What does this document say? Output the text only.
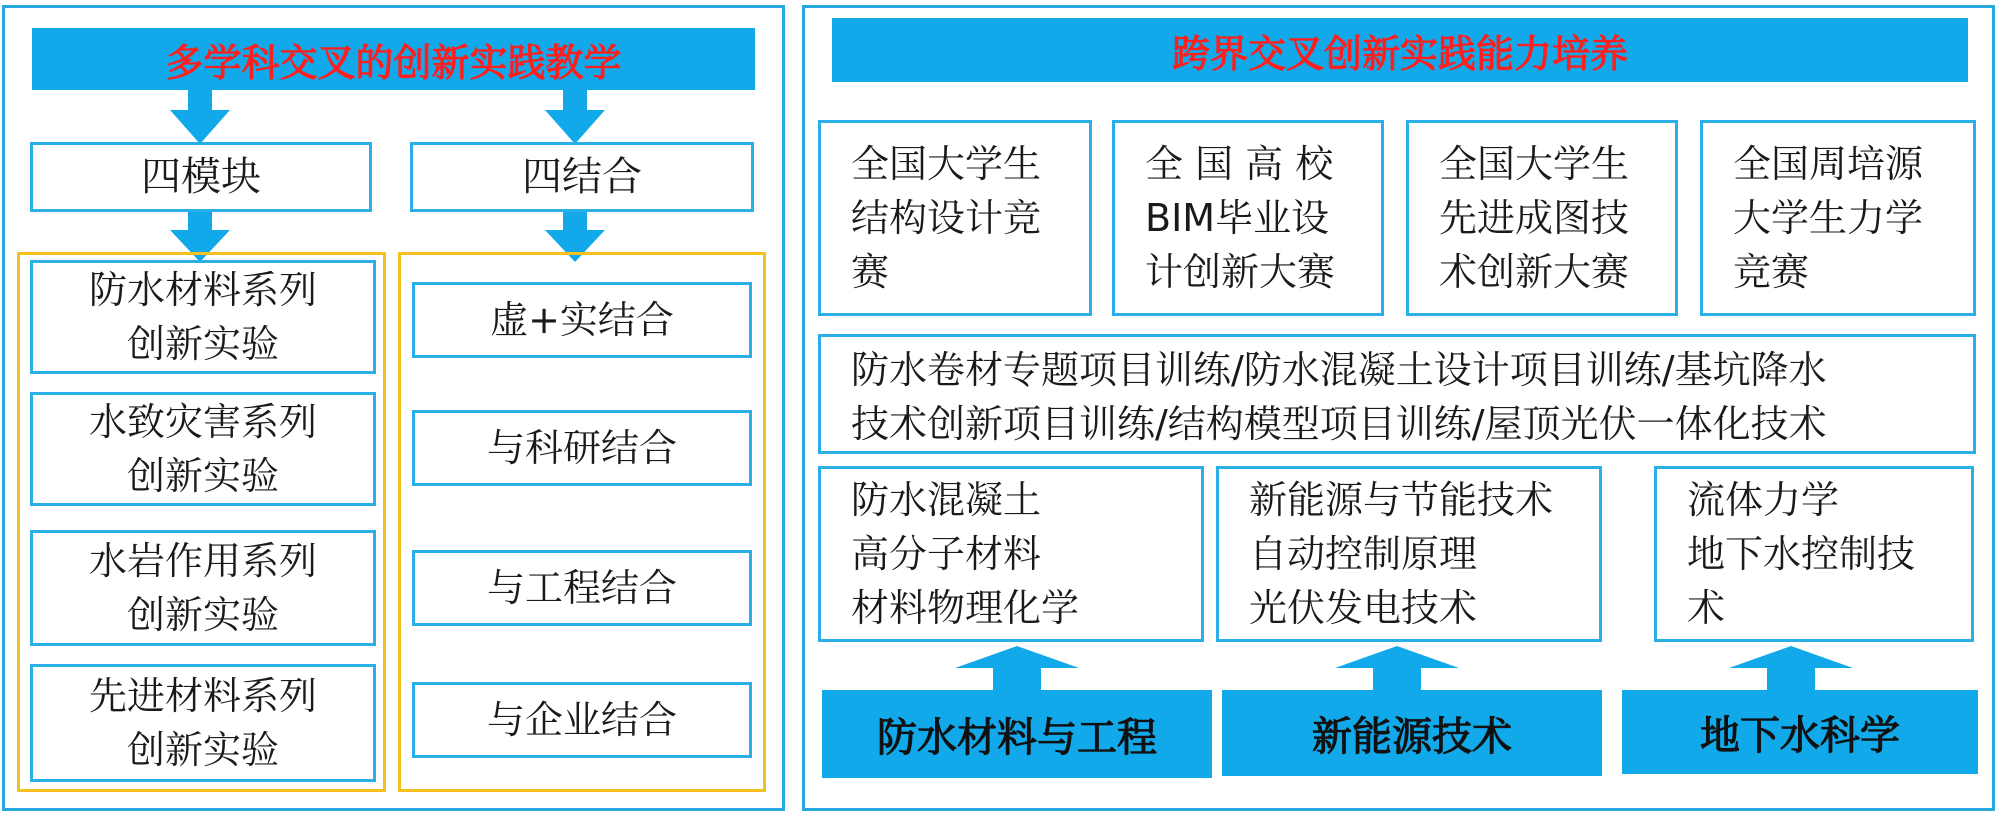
多学科交叉的创新实践教学
四模块	四结合
防水材料系列
创新实验
水致灾害系列
创新实验
水岩作用系列
创新实验
先进材料系列
创新实验
虚+实结合
与科研结合
与工程结合
与企业结合
跨界交叉创新实践能力培养
全国大学生
结构设计竞
赛
全 国 高 校
BIM毕业设
计创新大赛
全国大学生
先进成图技
术创新大赛
全国周培源
大学生力学
竞赛
防水卷材专题项目训练/防水混凝土设计项目训练/基坑降水
技术创新项目训练/结构模型项目训练/屋顶光伏一体化技术
防水混凝土
高分子材料
材料物理化学
新能源与节能技术
自动控制原理
光伏发电技术
流体力学
地下水控制技
术
防水材料与工程	新能源技术	地下水科学
